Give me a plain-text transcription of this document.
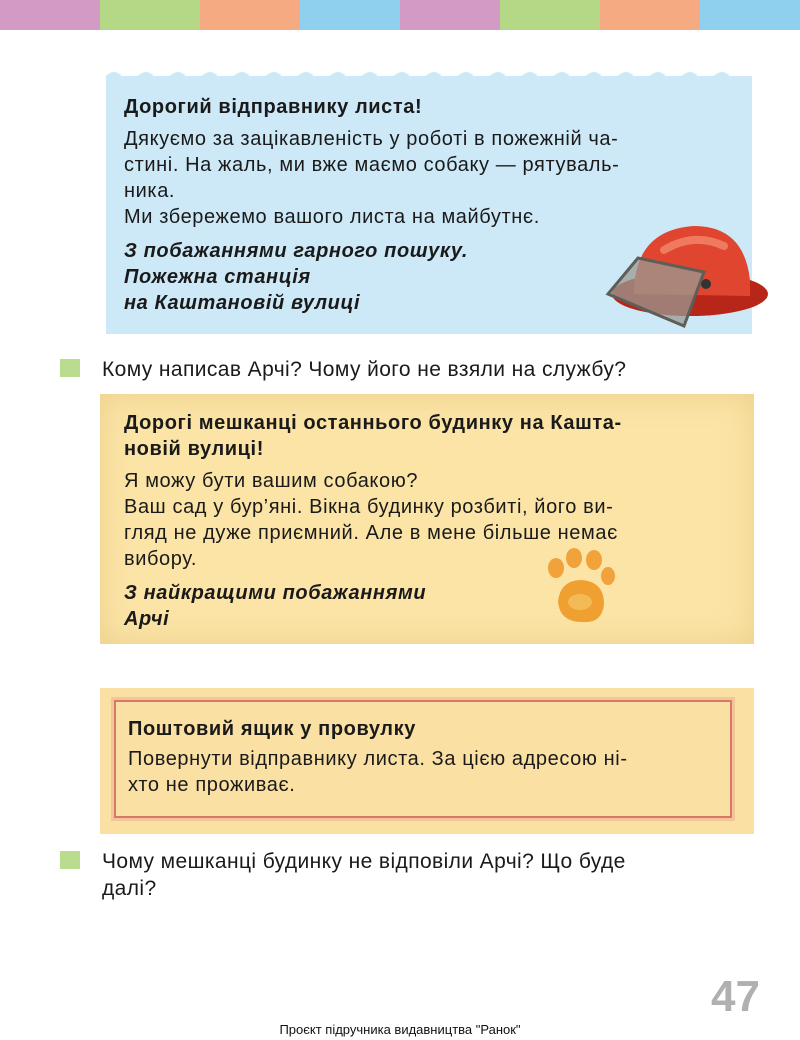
Дорогий відправнику листа!
Дякуємо за зацікавленість у роботі в пожежній ча-
стині. На жаль, ми вже маємо собаку — рятуваль-
ника.
Ми збережемо вашого листа на майбутнє.
З побажаннями гарного пошуку.
Пожежна станція
на Каштановій вулиці
Кому написав Арчі? Чому його не взяли на службу?
Дорогі мешканці останнього будинку на Кашта-
новій вулиці!
Я можу бути вашим собакою?
Ваш сад у бур’яні. Вікна будинку розбиті, його ви-
гляд не дуже приємний. Але в мене більше немає
вибору.
З найкращими побажаннями
Арчі
Поштовий ящик у провулку
Повернути відправнику листа. За цією адресою ні-
хто не проживає.
Чому мешканці будинку не відповіли Арчі? Що буде
далі?
47
Проєкт підручника видавництва "Ранок"
